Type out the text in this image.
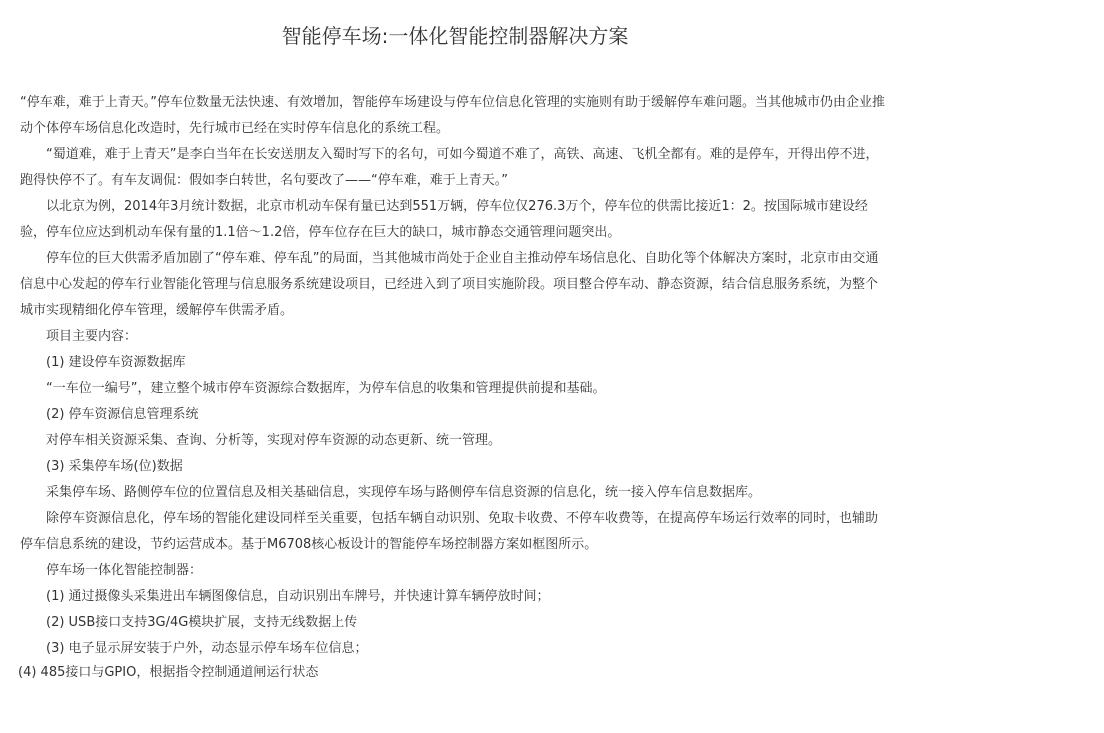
智能停车场:一体化智能控制器解决方案

“停车难，难于上青天。”停车位数量无法快速、有效增加，智能停车场建设与停车位信息化管理的实施则有助于缓解停车难问题。当其他城市仍由企业推动个体停车场信息化改造时，先行城市已经在实时停车信息化的系统工程。

“蜀道难，难于上青天”是李白当年在长安送朋友入蜀时写下的名句，可如今蜀道不难了，高铁、高速、飞机全都有。难的是停车，开得出停不进，跑得快停不了。有车友调侃：假如李白转世，名句要改了——“停车难，难于上青天。”

以北京为例，2014年3月统计数据，北京市机动车保有量已达到551万辆，停车位仅276.3万个，停车位的供需比接近1：2。按国际城市建设经验，停车位应达到机动车保有量的1.1倍～1.2倍，停车位存在巨大的缺口，城市静态交通管理问题突出。

停车位的巨大供需矛盾加剧了“停车难、停车乱”的局面，当其他城市尚处于企业自主推动停车场信息化、自助化等个体解决方案时，北京市由交通信息中心发起的停车行业智能化管理与信息服务系统建设项目，已经进入到了项目实施阶段。项目整合停车动、静态资源，结合信息服务系统，为整个城市实现精细化停车管理，缓解停车供需矛盾。

项目主要内容：

(1) 建设停车资源数据库

“一车位一编号”，建立整个城市停车资源综合数据库，为停车信息的收集和管理提供前提和基础。

(2) 停车资源信息管理系统

对停车相关资源采集、查询、分析等，实现对停车资源的动态更新、统一管理。

(3) 采集停车场(位)数据

采集停车场、路侧停车位的位置信息及相关基础信息，实现停车场与路侧停车信息资源的信息化，统一接入停车信息数据库。

除停车资源信息化，停车场的智能化建设同样至关重要，包括车辆自动识别、免取卡收费、不停车收费等，在提高停车场运行效率的同时，也辅助停车信息系统的建设，节约运营成本。基于M6708核心板设计的智能停车场控制器方案如框图所示。

停车场一体化智能控制器：

(1) 通过摄像头采集进出车辆图像信息，自动识别出车牌号，并快速计算车辆停放时间；

(2) USB接口支持3G/4G模块扩展，支持无线数据上传

(3) 电子显示屏安装于户外，动态显示停车场车位信息；

(4) 485接口与GPIO，根据指令控制通道闸运行状态
